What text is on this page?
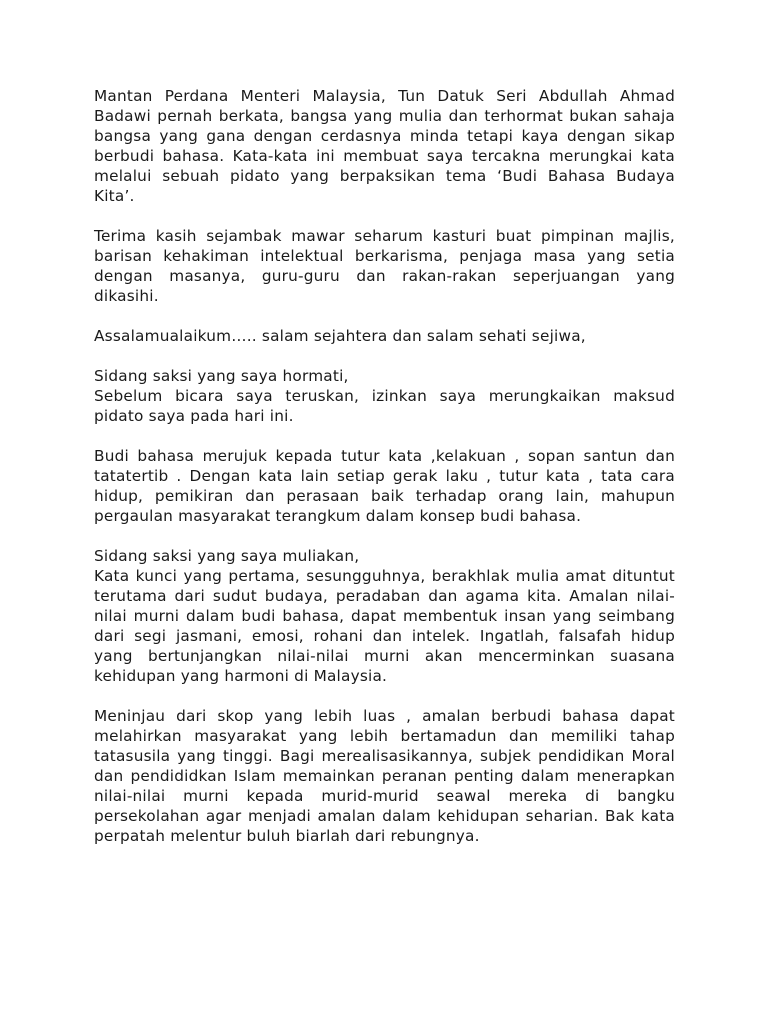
Mantan Perdana Menteri Malaysia, Tun Datuk Seri Abdullah Ahmad Badawi pernah berkata, bangsa yang mulia dan terhormat bukan sahaja bangsa yang gana dengan cerdasnya minda tetapi kaya dengan sikap berbudi bahasa. Kata-kata ini membuat saya tercakna merungkai kata melalui sebuah pidato yang berpaksikan tema ‘Budi Bahasa Budaya Kita’.

Terima kasih sejambak mawar seharum kasturi buat pimpinan majlis, barisan kehakiman intelektual berkarisma, penjaga masa yang setia dengan masanya, guru-guru dan rakan-rakan seperjuangan yang dikasihi.

Assalamualaikum….. salam sejahtera dan salam sehati sejiwa,

Sidang saksi yang saya hormati,
Sebelum bicara saya teruskan, izinkan saya merungkaikan maksud pidato saya pada hari ini.

Budi bahasa merujuk kepada tutur kata ,kelakuan , sopan santun dan tatatertib . Dengan kata lain setiap gerak laku , tutur kata , tata cara hidup, pemikiran dan perasaan baik terhadap orang lain, mahupun pergaulan masyarakat terangkum dalam konsep budi bahasa.

Sidang saksi yang saya muliakan,
Kata kunci yang pertama, sesungguhnya, berakhlak mulia amat dituntut terutama dari sudut budaya, peradaban dan agama kita. Amalan nilai-nilai murni dalam budi bahasa, dapat membentuk insan yang seimbang dari segi jasmani, emosi, rohani dan intelek. Ingatlah, falsafah hidup yang bertunjangkan nilai-nilai murni akan mencerminkan suasana kehidupan yang harmoni di Malaysia.

Meninjau dari skop yang lebih luas , amalan berbudi bahasa dapat melahirkan masyarakat yang lebih bertamadun dan memiliki tahap tatasusila yang tinggi. Bagi merealisasikannya, subjek pendidikan Moral dan pendididkan Islam memainkan peranan penting dalam menerapkan nilai-nilai murni kepada murid-murid seawal mereka di bangku persekolahan agar menjadi amalan dalam kehidupan seharian. Bak kata perpatah melentur buluh biarlah dari rebungnya.
